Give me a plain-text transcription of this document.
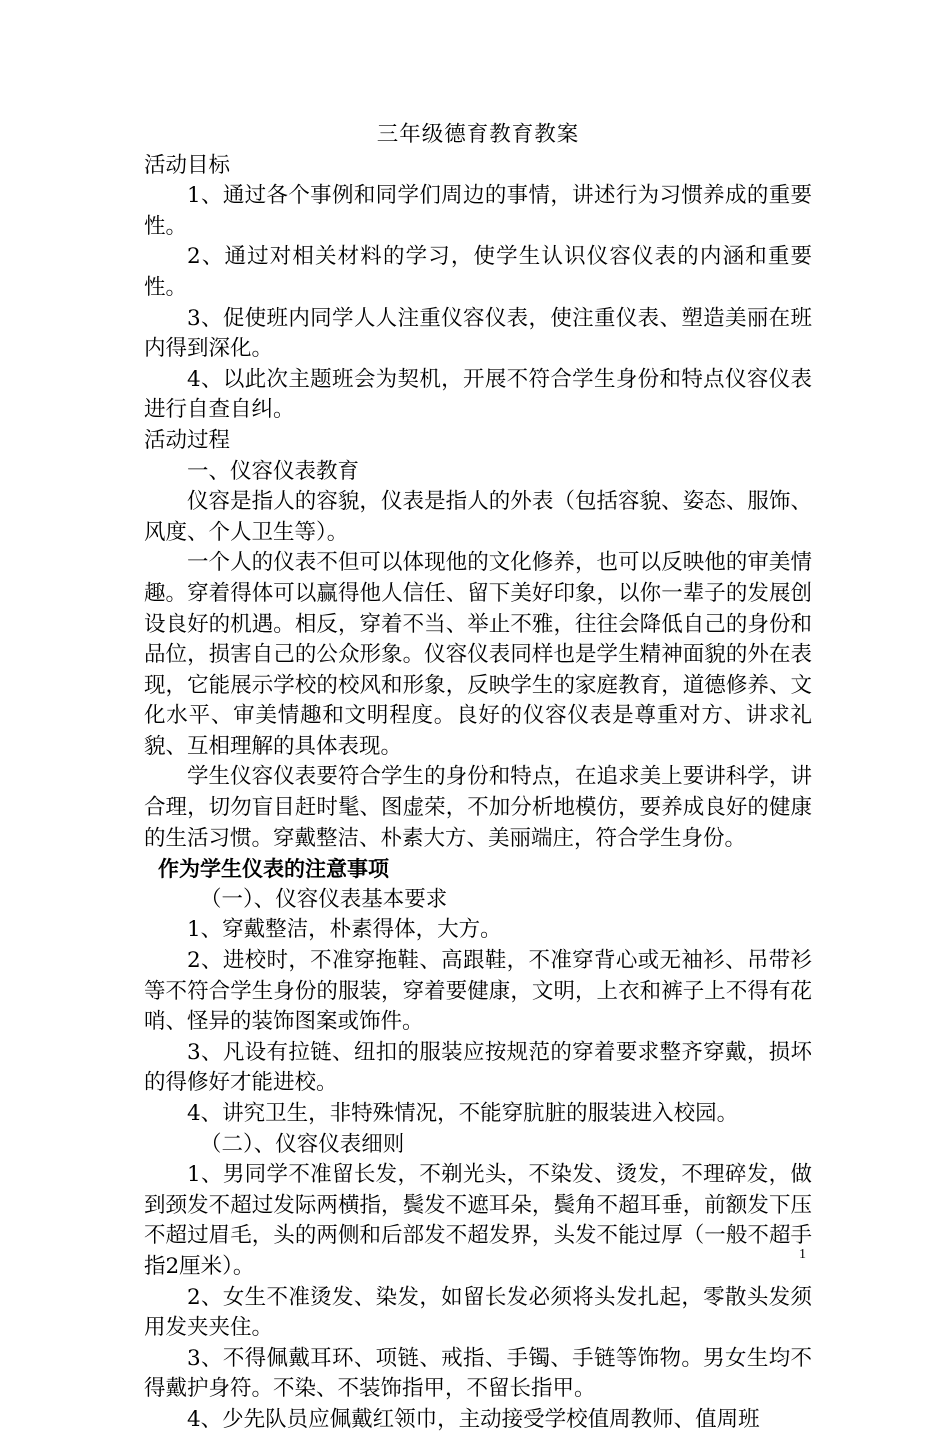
三年级德育教育教案

活动目标

1、通过各个事例和同学们周边的事情，讲述行为习惯养成的重要性。

2、通过对相关材料的学习，使学生认识仪容仪表的内涵和重要性。

3、促使班内同学人人注重仪容仪表，使注重仪表、塑造美丽在班内得到深化。

4、以此次主题班会为契机，开展不符合学生身份和特点仪容仪表进行自查自纠。

活动过程

一、仪容仪表教育

仪容是指人的容貌，仪表是指人的外表（包括容貌、姿态、服饰、风度、个人卫生等）。

一个人的仪表不但可以体现他的文化修养，也可以反映他的审美情趣。穿着得体可以赢得他人信任、留下美好印象，以你一辈子的发展创设良好的机遇。相反，穿着不当、举止不雅，往往会降低自己的身份和品位，损害自己的公众形象。仪容仪表同样也是学生精神面貌的外在表现，它能展示学校的校风和形象，反映学生的家庭教育，道德修养、文化水平、审美情趣和文明程度。良好的仪容仪表是尊重对方、讲求礼貌、互相理解的具体表现。

学生仪容仪表要符合学生的身份和特点，在追求美上要讲科学，讲合理，切勿盲目赶时髦、图虚荣，不加分析地模仿，要养成良好的健康的生活习惯。穿戴整洁、朴素大方、美丽端庄，符合学生身份。

作为学生仪表的注意事项

（一）、仪容仪表基本要求

1、穿戴整洁，朴素得体，大方。

2、进校时，不准穿拖鞋、高跟鞋，不准穿背心或无袖衫、吊带衫等不符合学生身份的服装，穿着要健康，文明，上衣和裤子上不得有花哨、怪异的装饰图案或饰件。

3、凡设有拉链、纽扣的服装应按规范的穿着要求整齐穿戴，损坏的得修好才能进校。

4、讲究卫生，非特殊情况，不能穿肮脏的服装进入校园。

（二）、仪容仪表细则

1、男同学不准留长发，不剃光头，不染发、烫发，不理碎发，做到颈发不超过发际两横指，鬓发不遮耳朵，鬓角不超耳垂，前额发下压不超过眉毛，头的两侧和后部发不超发界，头发不能过厚（一般不超手指2厘米）。

2、女生不准烫发、染发，如留长发必须将头发扎起，零散头发须用发夹夹住。

3、不得佩戴耳环、项链、戒指、手镯、手链等饰物。男女生均不得戴护身符。不染、不装饰指甲，不留长指甲。

4、少先队员应佩戴红领巾，主动接受学校值周教师、值周班

1
